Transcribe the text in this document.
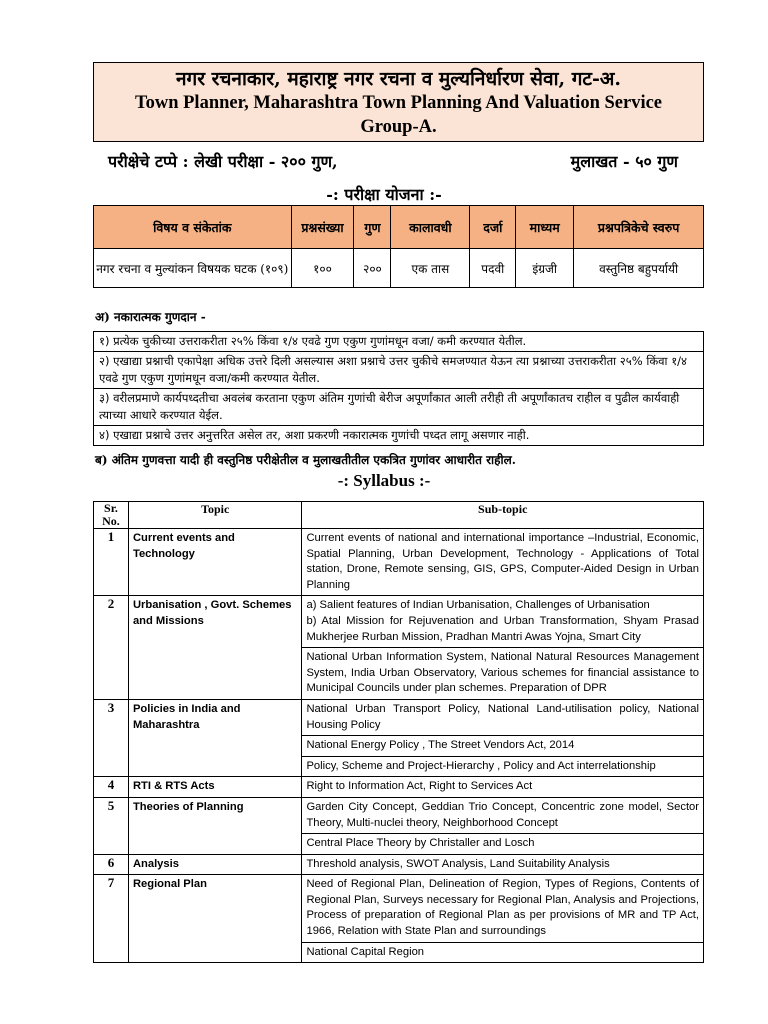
नगर रचनाकार, महाराष्ट्र नगर रचना व मुल्यनिर्धारण सेवा, गट-अ.
Town Planner, Maharashtra Town Planning And Valuation Service
Group-A.
परीक्षेचे टप्पे : लेखी परीक्षा - २०० गुण,	मुलाखत - ५० गुण
-: परीक्षा योजना :-
विषय व संकेतांक	प्रश्नसंख्या	गुण	कालावधी	दर्जा	माध्यम	प्रश्नपत्रिकेचे स्वरुप
नगर रचना व मुल्यांकन विषयक घटक (१०९)	१००	२००	एक तास	पदवी	इंग्रजी	वस्तुनिष्ठ बहुपर्यायी
अ) नकारात्मक गुणदान -
१) प्रत्येक चुकीच्या उत्तराकरीता २५% किंवा १/४ एवढे गुण एकुण गुणांमधून वजा/ कमी करण्यात येतील.
२) एखाद्या प्रश्नाची एकापेक्षा अधिक उत्तरे दिली असल्यास अशा प्रश्नाचे उत्तर चुकीचे समजण्यात येऊन त्या प्रश्नाच्या उत्तराकरीता २५% किंवा १/४ एवढे गुण एकुण गुणांमधून वजा/कमी करण्यात येतील.
३) वरीलप्रमाणे कार्यपध्दतीचा अवलंब करताना एकुण अंतिम गुणांची बेरीज अपूर्णांकात आली तरीही ती अपूर्णांकातच राहील व पुढील कार्यवाही त्याच्या आधारे करण्यात येईल.
४) एखाद्या प्रश्नाचे उत्तर अनुत्तरित असेल तर, अशा प्रकरणी नकारात्मक गुणांची पध्दत लागू असणार नाही.
ब) अंतिम गुणवत्ता यादी ही वस्तुनिष्ठ परीक्षेतील व मुलाखतीतील एकत्रित गुणांवर आधारीत राहील.
-: Syllabus :-
Sr. No.	Topic	Sub-topic
1	Current events and Technology	Current events of national and international importance –Industrial, Economic, Spatial Planning, Urban Development, Technology - Applications of Total station, Drone, Remote sensing, GIS, GPS, Computer-Aided Design in Urban Planning
2	Urbanisation , Govt. Schemes and Missions	a) Salient features of Indian Urbanisation, Challenges of Urbanisation
b) Atal Mission for Rejuvenation and Urban Transformation, Shyam Prasad Mukherjee Rurban Mission, Pradhan Mantri Awas Yojna, Smart City
		National Urban Information System, National Natural Resources Management System, India Urban Observatory, Various schemes for financial assistance to Municipal Councils under plan schemes. Preparation of DPR
3	Policies in India and Maharashtra	National Urban Transport Policy, National Land-utilisation policy, National Housing Policy
		National Energy Policy , The Street Vendors Act, 2014
		Policy, Scheme and Project-Hierarchy , Policy and Act interrelationship
4	RTI & RTS Acts	Right to Information Act, Right to Services Act
5	Theories of Planning	Garden City Concept, Geddian Trio Concept, Concentric zone model, Sector Theory, Multi-nuclei theory, Neighborhood Concept
		Central Place Theory by Christaller and Losch
6	Analysis	Threshold analysis, SWOT Analysis, Land Suitability Analysis
7	Regional Plan	Need of Regional Plan, Delineation of Region, Types of Regions, Contents of Regional Plan, Surveys necessary for Regional Plan, Analysis and Projections, Process of preparation of Regional Plan as per provisions of MR and TP Act, 1966, Relation with State Plan and surroundings
		National Capital Region
